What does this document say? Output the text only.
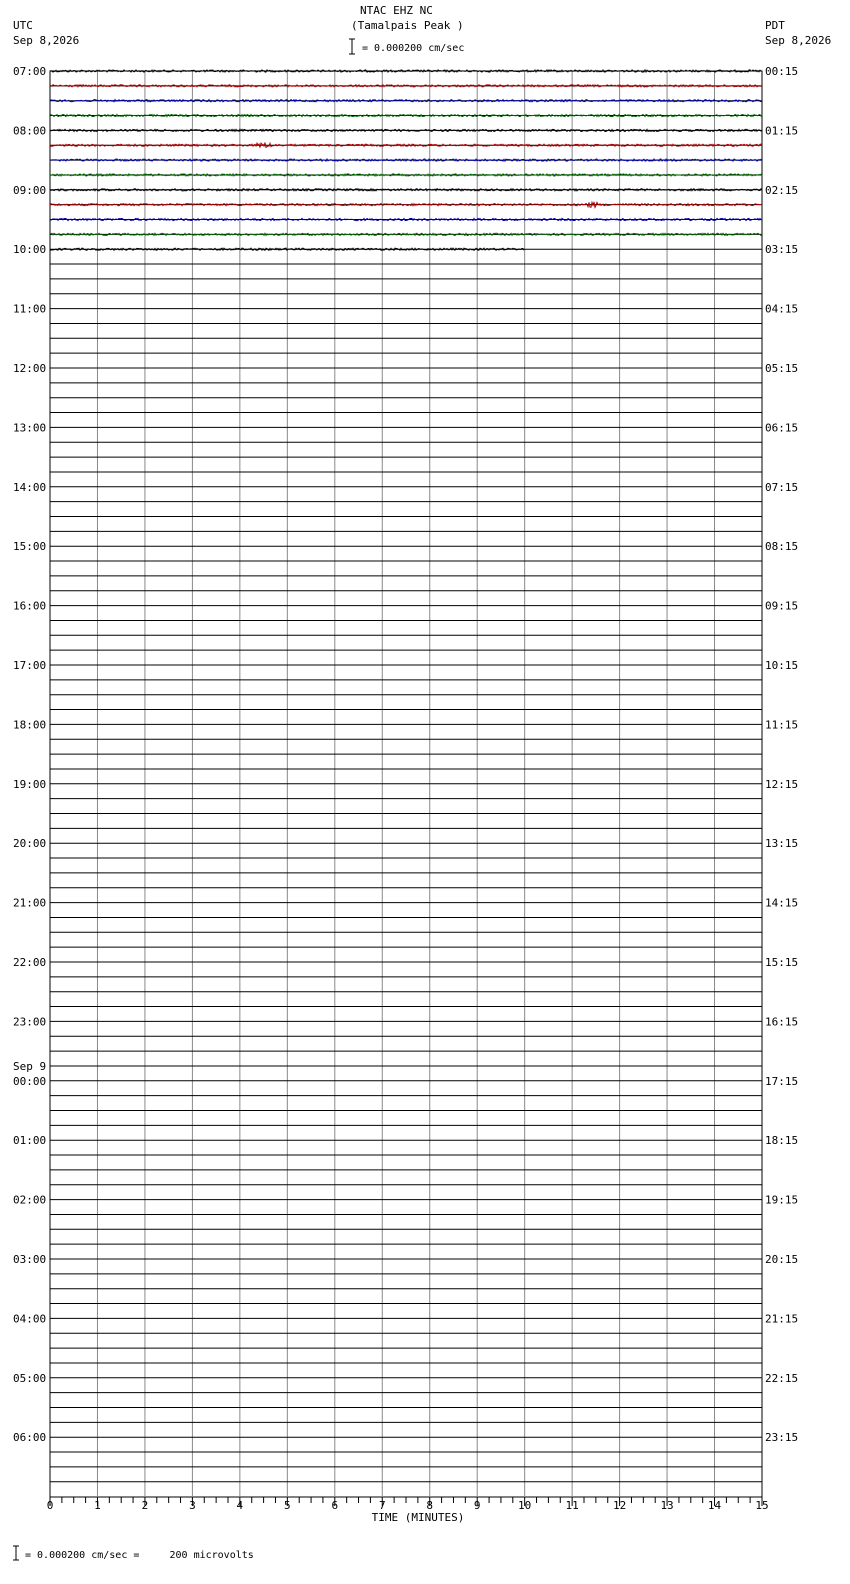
NTAC EHZ NC
(Tamalpais Peak )
UTC
Sep 8,2026
PDT
Sep 8,2026
= 0.000200 cm/sec
07:00
08:00
09:00
10:00
11:00
12:00
13:00
14:00
15:00
16:00
17:00
18:00
19:00
20:00
21:00
22:00
23:00
00:00
Sep 9
01:00
02:00
03:00
04:00
05:00
06:00
00:15
01:15
02:15
03:15
04:15
05:15
06:15
07:15
08:15
09:15
10:15
11:15
12:15
13:15
14:15
15:15
16:15
17:15
18:15
19:15
20:15
21:15
22:15
23:15
0	1	2	3	4	5	6	7	8	9	10	11	12	13	14	15
TIME (MINUTES)
= 0.000200 cm/sec =     200 microvolts
